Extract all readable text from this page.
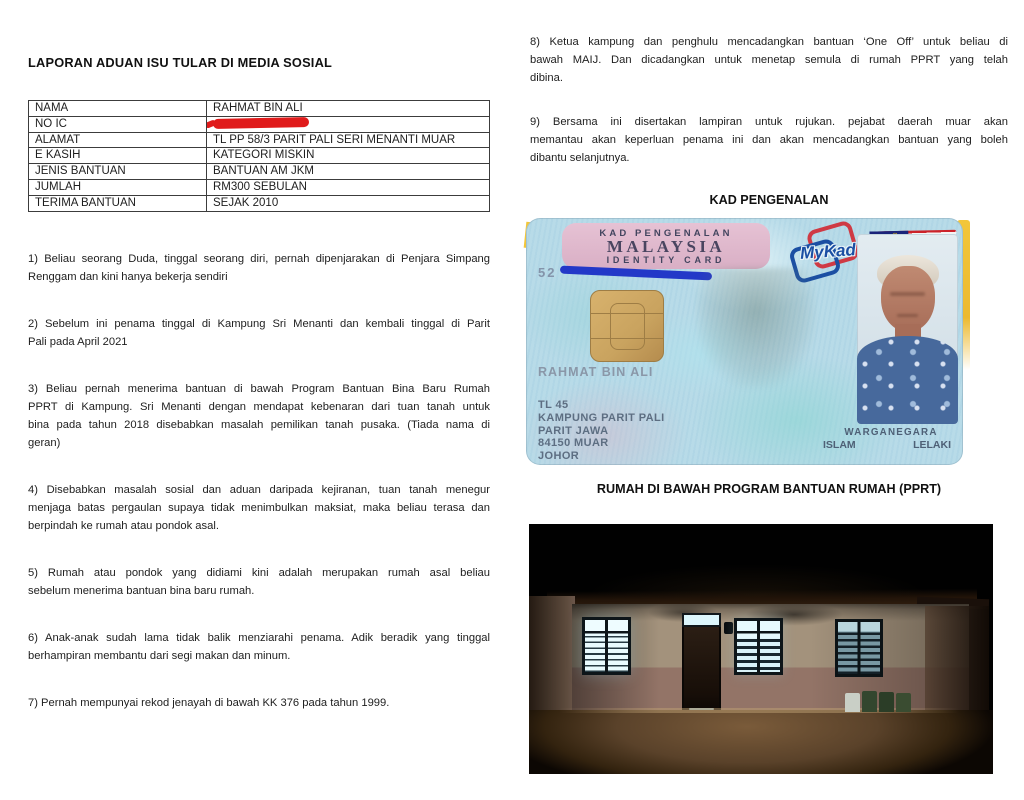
LAPORAN ADUAN ISU TULAR DI MEDIA SOSIAL
NAMA	RAHMAT BIN ALI
NO IC	
ALAMAT	TL PP 58/3 PARIT PALI SERI MENANTI MUAR
E KASIH	KATEGORI MISKIN
JENIS BANTUAN	BANTUAN AM JKM
JUMLAH	RM300 SEBULAN
TERIMA BANTUAN	SEJAK 2010

1) Beliau seorang Duda, tinggal seorang diri, pernah dipenjarakan di Penjara Simpang
Renggam dan kini hanya bekerja sendiri

2) Sebelum ini penama tinggal di Kampung Sri Menanti dan kembali tinggal di Parit
Pali pada April 2021

3) Beliau pernah menerima bantuan di bawah Program Bantuan Bina Baru Rumah
PPRT di Kampung. Sri Menanti dengan mendapat kebenaran dari tuan tanah untuk
bina pada tahun 2018 disebabkan masalah pemilikan tanah pusaka. (Tiada nama di
geran)

4) Disebabkan masalah sosial dan aduan daripada kejiranan, tuan tanah menegur
menjaga batas pergaulan supaya tidak menimbulkan maksiat, maka beliau terasa dan
berpindah ke rumah atau pondok asal.

5) Rumah atau pondok yang didiami kini adalah merupakan rumah asal beliau
sebelum menerima bantuan bina baru rumah.

6) Anak-anak sudah lama tidak balik menziarahi penama. Adik beradik yang tinggal
berhampiran membantu dari segi makan dan minum.

7) Pernah mempunyai rekod jenayah di bawah KK 376 pada tahun 1999.

8) Ketua kampung dan penghulu mencadangkan bantuan ‘One Off’ untuk beliau di
bawah MAIJ. Dan dicadangkan untuk menetap semula di rumah PPRT yang telah
dibina.

9) Bersama ini disertakan lampiran untuk rujukan. pejabat daerah muar akan
memantau akan keperluan penama ini dan akan mencadangkan bantuan yang boleh
dibantu selanjutnya.

KAD PENGENALAN
KAD PENGENALAN
MALAYSIA
IDENTITY CARD	MyKad
52
RAHMAT BIN ALI
TL 45
KAMPUNG PARIT PALI
PARIT JAWA
84150 MUAR
JOHOR
WARGANEGARA
ISLAM	LELAKI
RUMAH DI BAWAH PROGRAM BANTUAN RUMAH (PPRT)
